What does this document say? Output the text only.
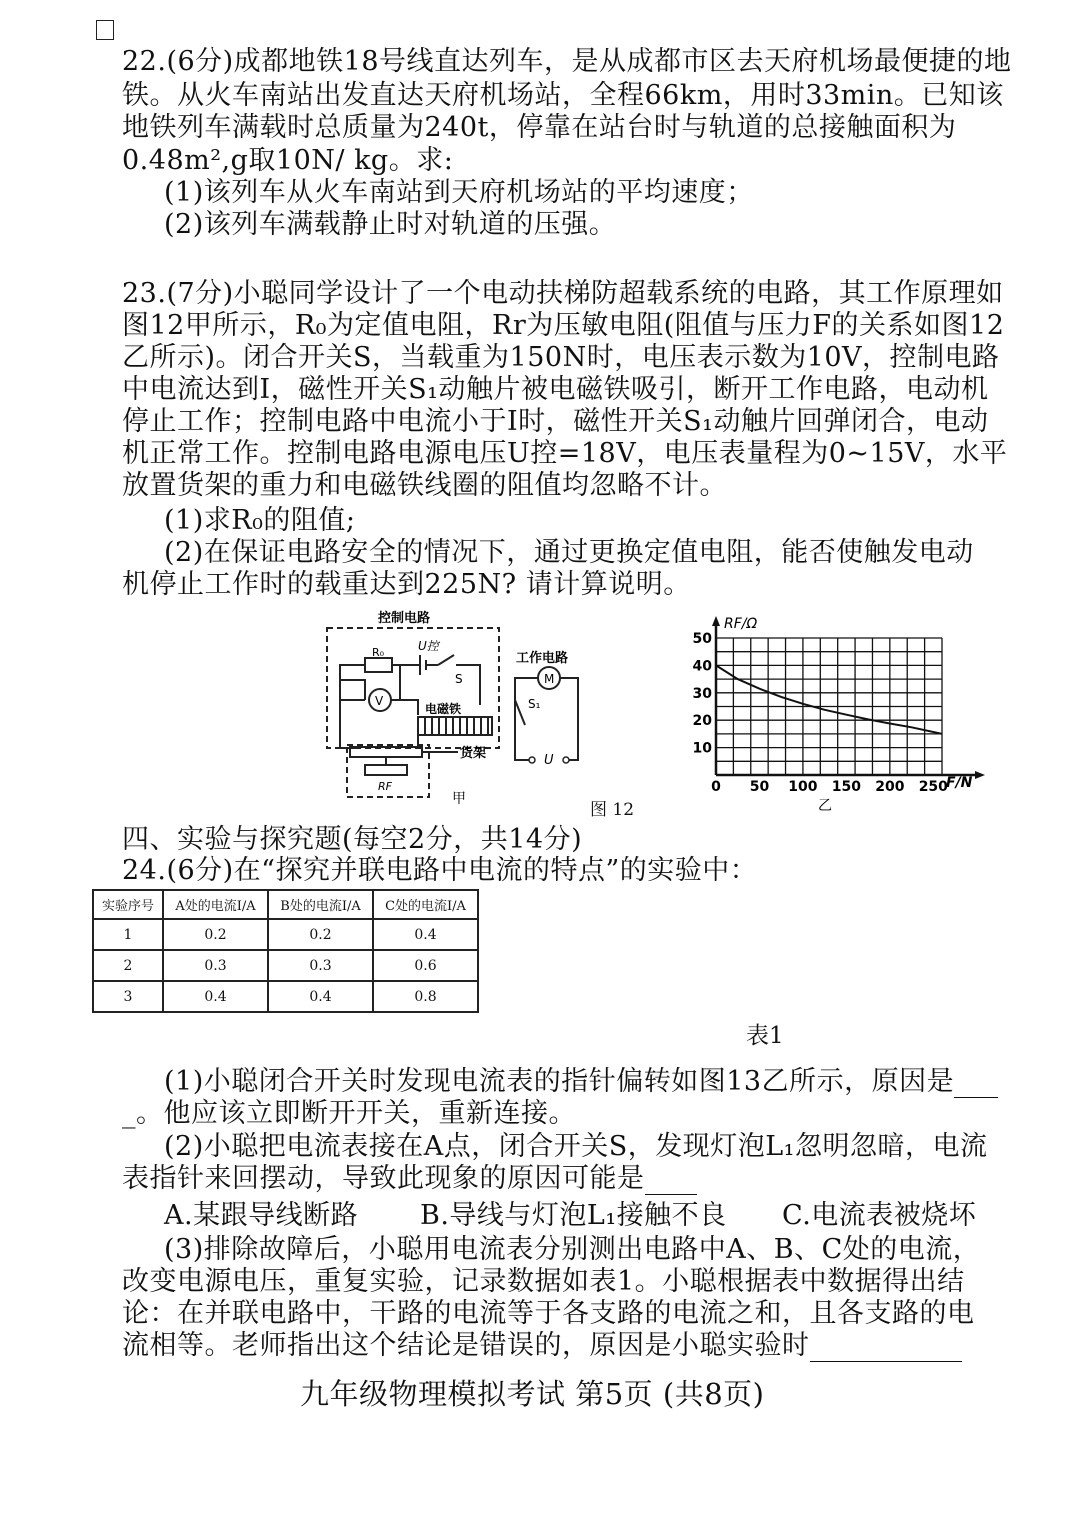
22.(6分)成都地铁18号线直达列车，是从成都市区去天府机场最便捷的地
铁。从火车南站出发直达天府机场站，全程66km，用时33min。已知该
地铁列车满载时总质量为240t，停靠在站台时与轨道的总接触面积为
0.48m²,g取10N/ kg。求:
(1)该列车从火车南站到天府机场站的平均速度；
(2)该列车满载静止时对轨道的压强。
23.(7分)小聪同学设计了一个电动扶梯防超载系统的电路，其工作原理如
图12甲所示，R₀为定值电阻，Rr为压敏电阻(阻值与压力F的关系如图12
乙所示)。闭合开关S，当载重为150N时，电压表示数为10V，控制电路
中电流达到I，磁性开关S₁动触片被电磁铁吸引，断开工作电路，电动机
停止工作；控制电路中电流小于I时，磁性开关S₁动触片回弹闭合，电动
机正常工作。控制电路电源电压U控=18V，电压表量程为0~15V，水平
放置货架的重力和电磁铁线圈的阻值均忽略不计。
(1)求R₀的阻值;
(2)在保证电路安全的情况下，通过更换定值电阻，能否使触发电动
机停止工作时的载重达到225N? 请计算说明。
控制电路
U控
R₀
S
V
电磁铁
工作电路
M
S₁
U
货架
RF
甲
图 12
0 50 100 150 200 250
10
20
30
40
50
RF/Ω
F/N
乙
四、实验与探究题(每空2分，共14分)
24.(6分)在“探究并联电路中电流的特点”的实验中：
实验序号	A处的电流I/A	B处的电流I/A	C处的电流I/A
1	0.2	0.2	0.4
2	0.3	0.3	0.6
3	0.4	0.4	0.8
表1
(1)小聪闭合开关时发现电流表的指针偏转如图13乙所示，原因是
_。他应该立即断开开关，重新连接。
(2)小聪把电流表接在A点，闭合开关S，发现灯泡L₁忽明忽暗，电流
表指针来回摆动，导致此现象的原因可能是
A.某跟导线断路 B.导线与灯泡L₁接触不良 C.电流表被烧坏
(3)排除故障后，小聪用电流表分别测出电路中A、B、C处的电流，
改变电源电压，重复实验，记录数据如表1。小聪根据表中数据得出结
论：在并联电路中，干路的电流等于各支路的电流之和，且各支路的电
流相等。老师指出这个结论是错误的，原因是小聪实验时
九年级物理模拟考试 第5页 (共8页)
